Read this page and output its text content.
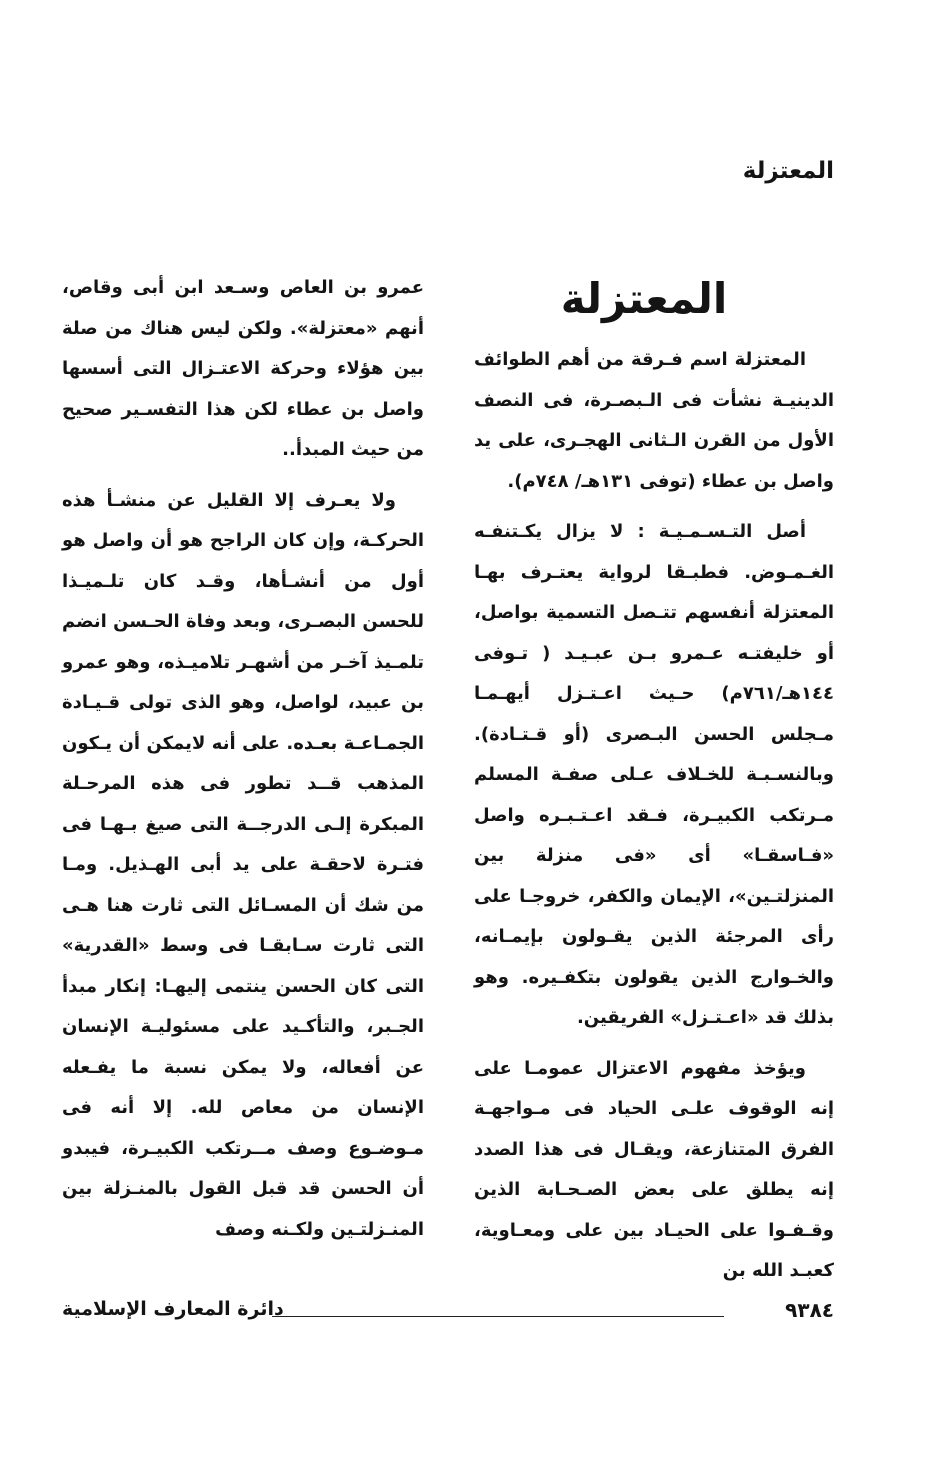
المعتزلة
المعتزلة

المعتزلة اسم فـرقة من أهم الطوائف الدينيـة نشأت فى الـبصـرة، فى النصف الأول من القرن الـثانى الهجـرى، على يد واصل بن عطاء (توفى ١٣١هـ/ ٧٤٨م).

أصل التـسـمـيـة : لا يزال يكـتنفـه الغـمـوض. فطبـقا لرواية يعتـرف بهـا المعتزلة أنفسهم تتـصل التسمية بواصل، أو خليفتـه عـمرو بـن عبـيـد ( تـوفى ١٤٤هـ/٧٦١م) حـيث اعـتـزل أيهـمـا مـجلس الحسن البـصرى (أو قـتـادة). وبالنسـبـة للخـلاف عـلى صفـة المسلم مـرتكب الكبيـرة، فـقد اعـتـبـره واصل «فـاسقـا» أى «فى منزلة بين المنزلتـين»، الإيمان والكفر، خروجـا على رأى المرجئة الذين يقـولون بإيمـانه، والخـوارج الذين يقولون بتكفـيره. وهو بذلك قد «اعـتـزل» الفريقين.

ويؤخذ مفهوم الاعتزال عمومـا على إنه الوقوف علـى الحياد فى مـواجهـة الفرق المتنازعة، ويقـال فى هذا الصدد إنه يطلق على بعض الصـحـابة الذين وقـفـوا على الحيـاد بين على ومعـاوية، كعبـد الله بن

عمرو بن العاص وسـعد ابن أبى وقاص، أنهم «معتزلة». ولكن ليس هناك من صلة بين هؤلاء وحركة الاعتـزال التى أسسها واصل بن عطاء لكن هذا التفسـير صحيح من حيث المبدأ..

ولا يعـرف إلا القليل عن منشـأ هذه الحركـة، وإن كان الراجح هو أن واصل هو أول من أنشـأها، وقـد كان تلـميـذا للحسن البصـرى، وبعد وفاة الحـسن انضم تلمـيذ آخـر من أشهـر تلاميـذه، وهو عمرو بن عبيد، لواصل، وهو الذى تولى قـيـادة الجمـاعـة بعـده. على أنه لايمكن أن يـكون المذهب قــد تطور فى هذه المرحـلة المبكرة إلـى الدرجــة التى صيغ بـهـا فى فتـرة لاحقـة على يد أبى الهـذيل. ومـا من شك أن المسـائل التى ثارت هنا هـى التى ثارت سـابقـا فى وسط «القدرية» التى كان الحسن ينتمى إليهـا: إنكار مبدأ الجـبر، والتأكـيد على مسئوليـة الإنسان عن أفعاله، ولا يمكن نسبة ما يفـعله الإنسان من معاص لله. إلا أنه فى مـوضـوع وصف مــرتكب الكبيـرة، فيبدو أن الحسن قد قبل القول بالمنـزلة بين المنـزلتـين ولكـنه وصف

٩٣٨٤
دائرة المعارف الإسلامية
